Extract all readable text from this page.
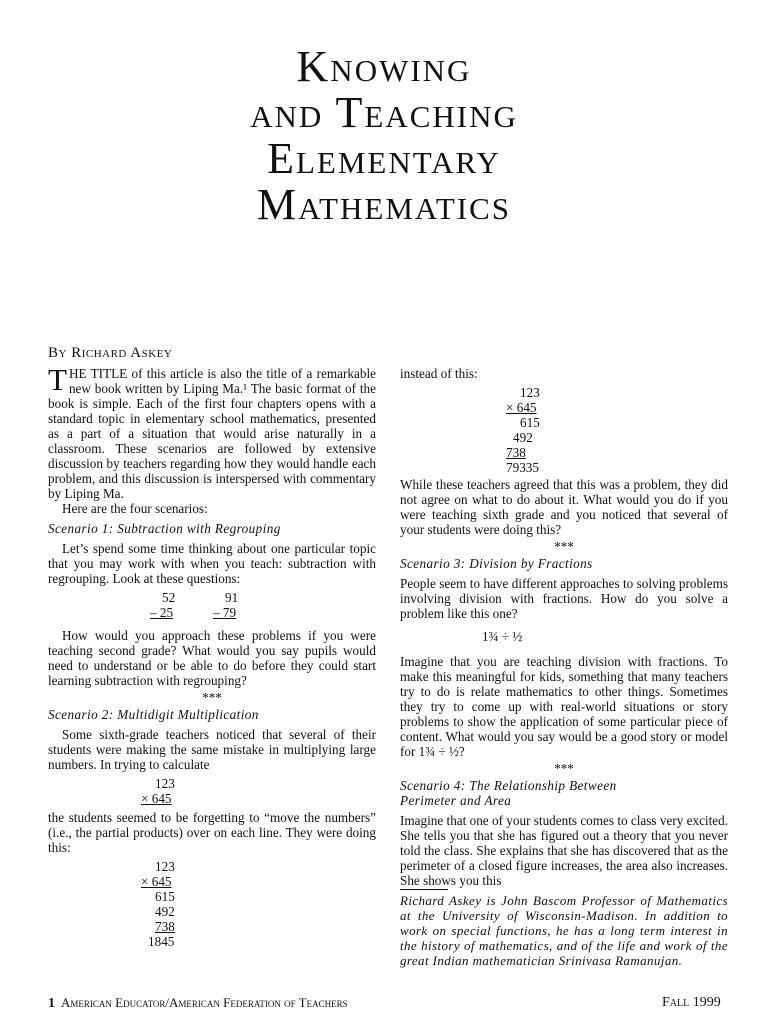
Knowing
and Teaching
Elementary
Mathematics
By Richard Askey

THE TITLE of this article is also the title of a remarkable new book written by Liping Ma.¹ The basic format of the book is simple. Each of the first four chapters opens with a standard topic in elementary school mathematics, presented as a part of a situation that would arise naturally in a classroom. These scenarios are followed by extensive discussion by teachers regarding how they would handle each problem, and this discussion is interspersed with commentary by Liping Ma.

Here are the four scenarios:

Scenario 1: Subtraction with Regrouping

Let’s spend some time thinking about one particular topic that you may work with when you teach: subtraction with regrouping. Look at these questions:

52
– 25
91
– 79

How would you approach these problems if you were teaching second grade? What would you say pupils would need to understand or be able to do before they could start learning subtraction with regrouping?

***

Scenario 2: Multidigit Multiplication

Some sixth-grade teachers noticed that several of their students were making the same mistake in multiplying large numbers. In trying to calculate

123
× 645

the students seemed to be forgetting to “move the numbers” (i.e., the partial products) over on each line. They were doing this:

123
× 645
615
492
738
1845

instead of this:

123
× 645
615
492
738
79335

While these teachers agreed that this was a problem, they did not agree on what to do about it. What would you do if you were teaching sixth grade and you noticed that several of your students were doing this?

***

Scenario 3: Division by Fractions

People seem to have different approaches to solving problems involving division with fractions. How do you solve a problem like this one?

1¾ ÷ ½

Imagine that you are teaching division with fractions. To make this meaningful for kids, something that many teachers try to do is relate mathematics to other things. Sometimes they try to come up with real-world situations or story problems to show the application of some particular piece of content. What would you say would be a good story or model for 1¾ ÷ ½?

***

Scenario 4: The Relationship Between

Perimeter and Area

Imagine that one of your students comes to class very excited. She tells you that she has figured out a theory that you never told the class. She explains that she has discovered that as the perimeter of a closed figure increases, the area also increases. She shows you this

Richard Askey is John Bascom Professor of Mathematics at the University of Wisconsin-Madison. In addition to work on special functions, he has a long term interest in the history of mathematics, and of the life and work of the great Indian mathematician Srinivasa Ramanujan.
1 American Educator/American Federation of Teachers	Fall 1999
